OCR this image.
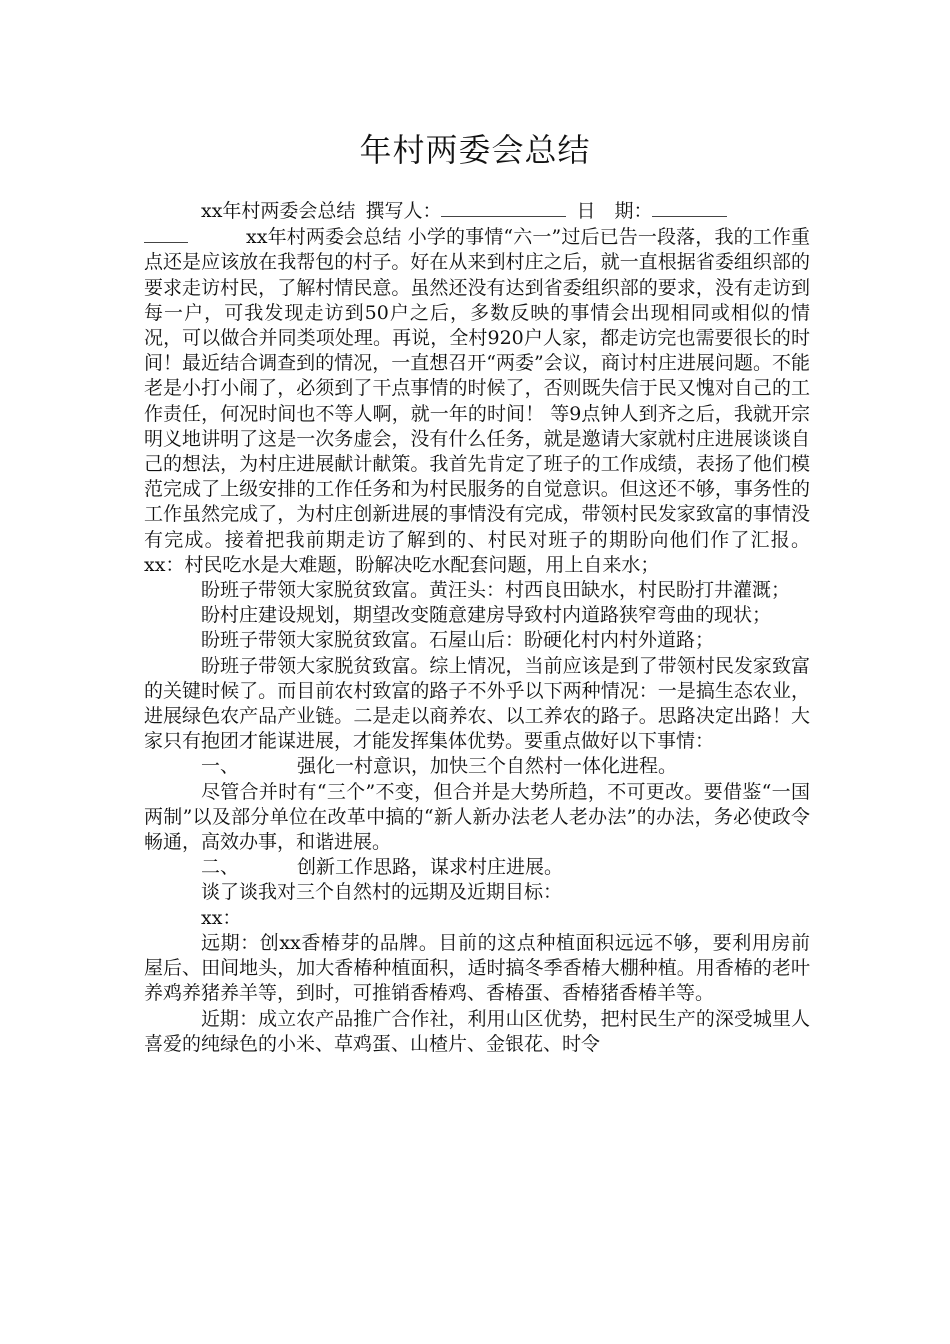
年村两委会总结

xx年村两委会总结 撰写人：	日　期：

xx年村两委会总结 小学的事情“六一”过后已告一段落，我的工作重点还是应该放在我帮包的村子。好在从来到村庄之后，就一直根据省委组织部的要求走访村民，了解村情民意。虽然还没有达到省委组织部的要求，没有走访到每一户，可我发现走访到50户之后，多数反映的事情会出现相同或相似的情况，可以做合并同类项处理。再说，全村920户人家，都走访完也需要很长的时间！最近结合调查到的情况，一直想召开“两委”会议，商讨村庄进展问题。不能老是小打小闹了，必须到了干点事情的时候了，否则既失信于民又愧对自己的工作责任，何况时间也不等人啊，就一年的时间！ 等9点钟人到齐之后，我就开宗明义地讲明了这是一次务虚会，没有什么任务，就是邀请大家就村庄进展谈谈自己的想法，为村庄进展献计献策。我首先肯定了班子的工作成绩，表扬了他们模范完成了上级安排的工作任务和为村民服务的自觉意识。但这还不够，事务性的工作虽然完成了，为村庄创新进展的事情没有完成，带领村民发家致富的事情没有完成。接着把我前期走访了解到的、村民对班子的期盼向他们作了汇报。xx：村民吃水是大难题，盼解决吃水配套问题，用上自来水；

盼班子带领大家脱贫致富。黄汪头：村西良田缺水，村民盼打井灌溉；

盼村庄建设规划，期望改变随意建房导致村内道路狭窄弯曲的现状；

盼班子带领大家脱贫致富。石屋山后：盼硬化村内村外道路；

盼班子带领大家脱贫致富。综上情况，当前应该是到了带领村民发家致富的关键时候了。而目前农村致富的路子不外乎以下两种情况：一是搞生态农业，进展绿色农产品产业链。二是走以商养农、以工养农的路子。思路决定出路！大家只有抱团才能谋进展，才能发挥集体优势。要重点做好以下事情：

一、	强化一村意识，加快三个自然村一体化进程。

尽管合并时有“三个”不变，但合并是大势所趋，不可更改。要借鉴“一国两制”以及部分单位在改革中搞的“新人新办法老人老办法”的办法，务必使政令畅通，高效办事，和谐进展。

二、	创新工作思路，谋求村庄进展。

谈了谈我对三个自然村的远期及近期目标：

xx：

远期：创xx香椿芽的品牌。目前的这点种植面积远远不够，要利用房前屋后、田间地头，加大香椿种植面积，适时搞冬季香椿大棚种植。用香椿的老叶养鸡养猪养羊等，到时，可推销香椿鸡、香椿蛋、香椿猪香椿羊等。

近期：成立农产品推广合作社，利用山区优势，把村民生产的深受城里人喜爱的纯绿色的小米、草鸡蛋、山楂片、金银花、时令
